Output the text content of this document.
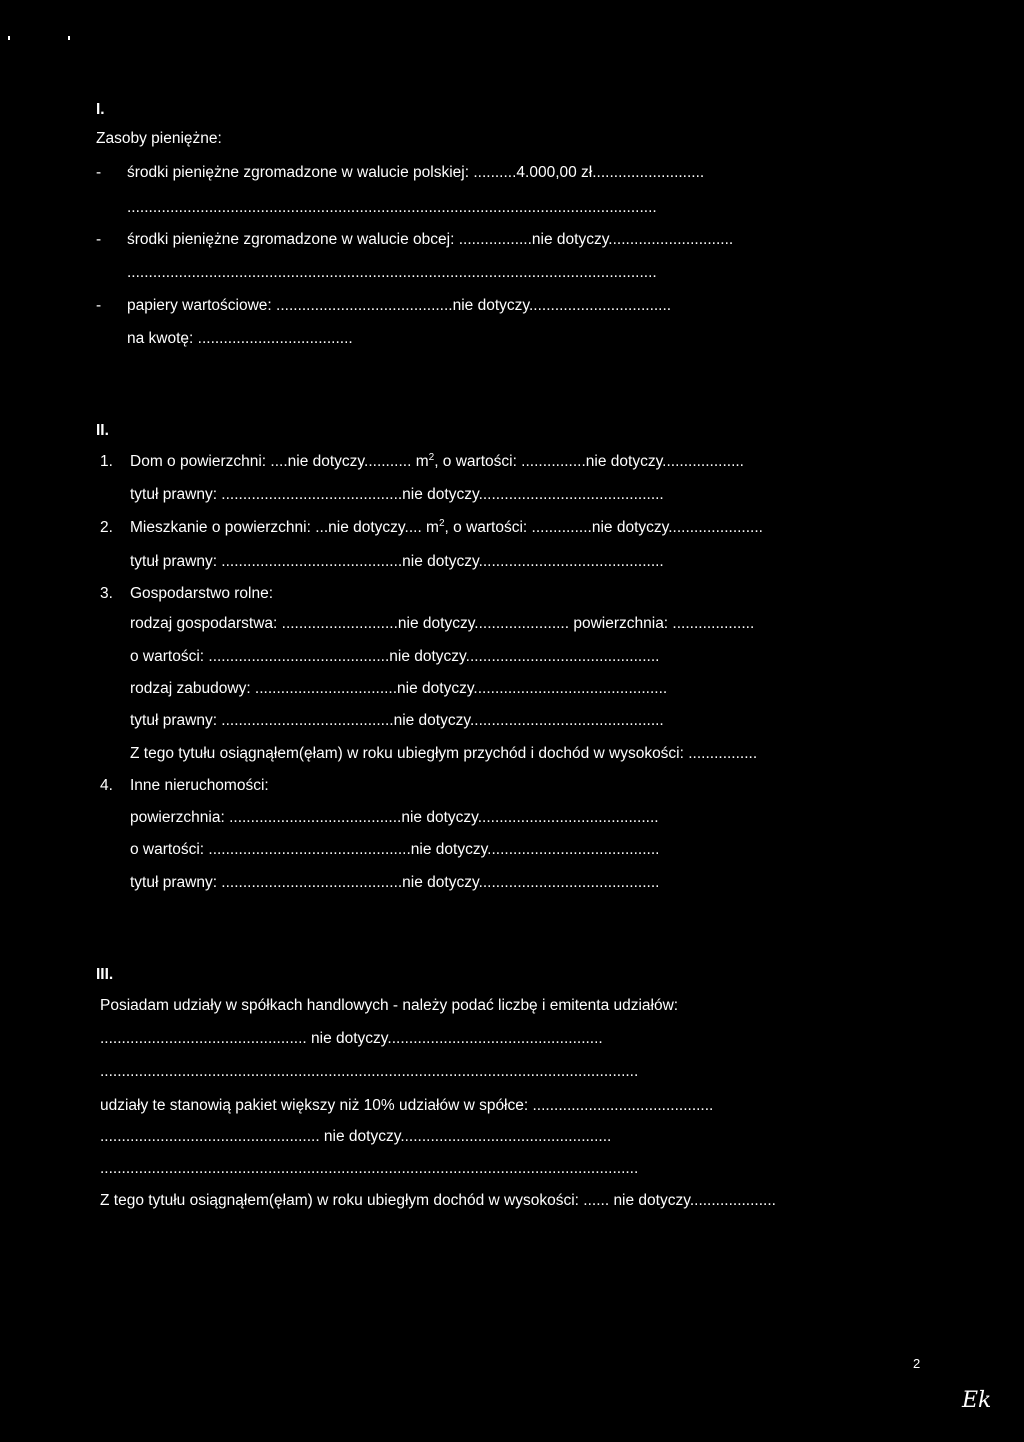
I.
Zasoby pieniężne:
- środki pieniężne zgromadzone w walucie polskiej: ..........4.000,00 zł..........................
...........................................................................................................................
- środki pieniężne zgromadzone w walucie obcej: .................nie dotyczy.............................
...........................................................................................................................
- papiery wartościowe: .........................................nie dotyczy.................................
na kwotę: ....................................
II.
1. Dom o powierzchni: ....nie dotyczy........... $m^2$, o wartości: ...............nie dotyczy...................
tytuł prawny: ..........................................nie dotyczy...........................................
2. Mieszkanie o powierzchni: ...nie dotyczy.... $m^2$, o wartości: ..............nie dotyczy......................
tytuł prawny: ..........................................nie dotyczy...........................................
3. Gospodarstwo rolne:
rodzaj gospodarstwa: ...........................nie dotyczy...................... powierzchnia: ...................
o wartości: ..........................................nie dotyczy.............................................
rodzaj zabudowy: .................................nie dotyczy.............................................
tytuł prawny: ........................................nie dotyczy.............................................
Z tego tytułu osiągnąłem(ęłam) w roku ubiegłym przychód i dochód w wysokości: ................
4. Inne nieruchomości:
powierzchnia: ........................................nie dotyczy..........................................
o wartości: ...............................................nie dotyczy........................................
tytuł prawny: ..........................................nie dotyczy..........................................
III.
Posiadam udziały w spółkach handlowych - należy podać liczbę i emitenta udziałów:
................................................ nie dotyczy..................................................
.............................................................................................................................
udziały te stanowią pakiet większy niż 10% udziałów w spółce: ..........................................
................................................... nie dotyczy.................................................
.............................................................................................................................
Z tego tytułu osiągnąłem(ęłam) w roku ubiegłym dochód w wysokości: ...... nie dotyczy....................
2
Ek
